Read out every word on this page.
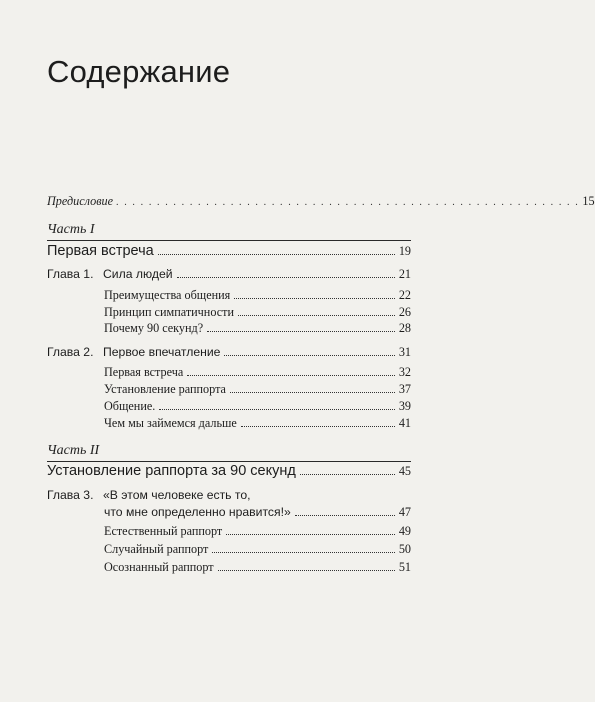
Содержание
Предисловие . . . . . . . . . . . . . . . . . . . . . . . . . . . . . . . . . . . . . . . . . . . . . . . . . . . . . . . . . 15
Часть I
Первая встреча	19
Глава 1. Сила людей	21
Преимущества общения	22
Принцип симпатичности	26
Почему 90 секунд?	28
Глава 2. Первое впечатление	31
Первая встреча	32
Установление раппорта	37
Общение.	39
Чем мы займемся дальше	41
Часть II
Установление раппорта за 90 секунд	45
Глава 3. «В этом человеке есть то,
что мне определенно нравится!»	47
Естественный раппорт	49
Случайный раппорт	50
Осознанный раппорт	51
